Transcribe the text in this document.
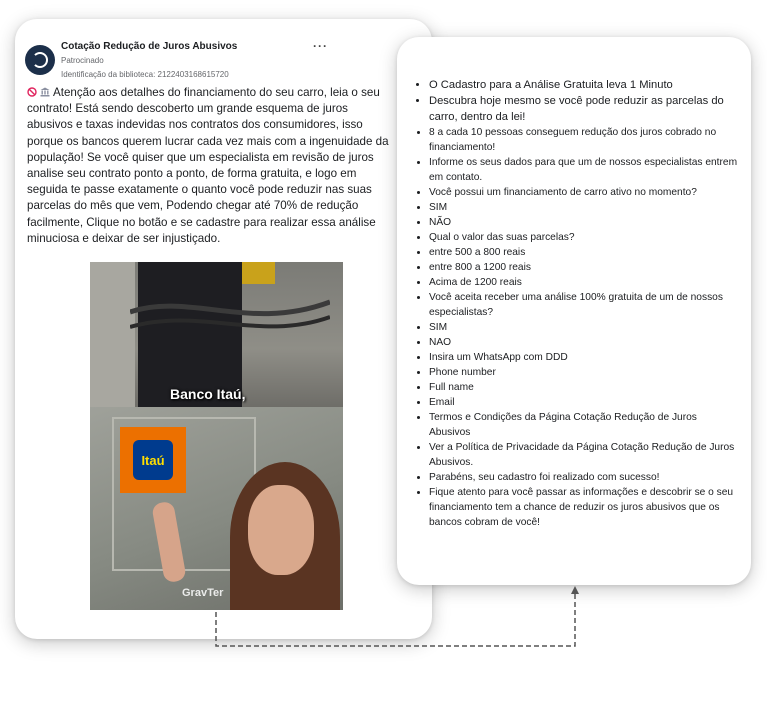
Cotação Redução de Juros Abusivos
Patrocinado
Identificação da biblioteca: 2122403168615720
···
Atenção aos detalhes do financiamento do seu carro, leia o seu contrato! Está sendo descoberto um grande esquema de juros abusivos e taxas indevidas nos contratos dos consumidores, isso porque os bancos querem lucrar cada vez mais com a ingenuidade da população! Se você quiser que um especialista em revisão de juros analise seu contrato ponto a ponto, de forma gratuita, e logo em seguida te passe exatamente o quanto você pode reduzir nas suas parcelas do mês que vem, Podendo chegar até 70% de redução facilmente, Clique no botão e se cadastre para realizar essa análise minuciosa e deixar de ser injustiçado.
Banco Itaú,
Itaú
GravTer
• O Cadastro para a Análise Gratuita leva 1 Minuto
• Descubra hoje mesmo se você pode reduzir as parcelas do carro, dentro da lei!
• 8 a cada 10 pessoas conseguem redução dos juros cobrado no financiamento!
• Informe os seus dados para que um de nossos especialistas entrem em contato.
• Você possui um financiamento de carro ativo no momento?
• SIM
• NÃO
• Qual o valor das suas parcelas?
• entre 500 a 800 reais
• entre 800 a 1200 reais
• Acima de 1200 reais
• Você aceita receber uma análise 100% gratuita de um de nossos especialistas?
• SIM
• NAO
• Insira um WhatsApp com DDD
• Phone number
• Full name
• Email
• Termos e Condições da Página Cotação Redução de Juros Abusivos
• Ver a Política de Privacidade da Página Cotação Redução de Juros Abusivos.
• Parabéns, seu cadastro foi realizado com sucesso!
• Fique atento para você passar as informações e descobrir se o seu financiamento tem a chance de reduzir os juros abusivos que os bancos cobram de você!
